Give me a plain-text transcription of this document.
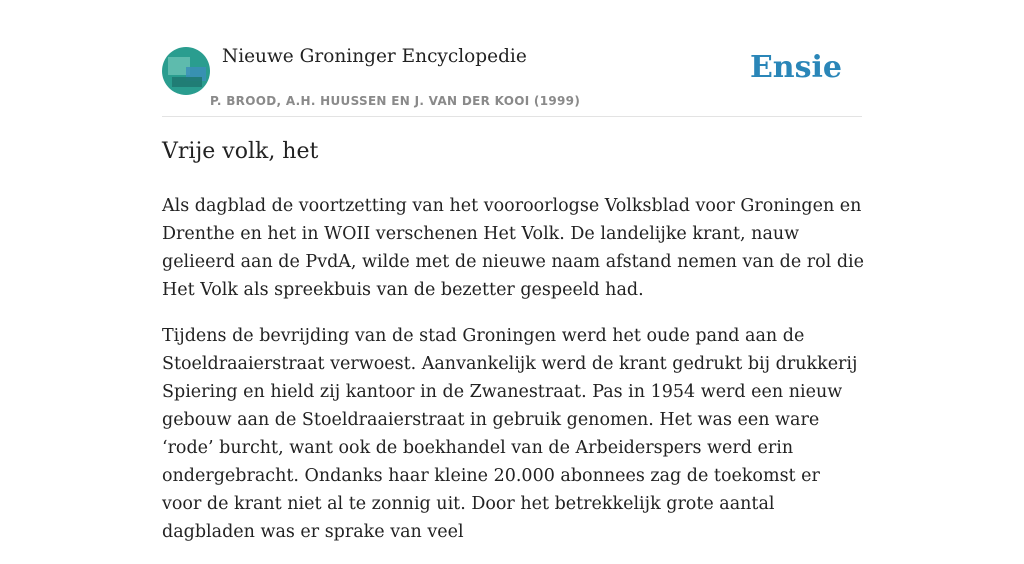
Nieuwe Groninger Encyclopedie
P. BROOD, A.H. HUUSSEN EN J. VAN DER KOOI (1999)
Ensie
Vrije volk, het

Als dagblad de voortzetting van het vooroorlogse Volksblad voor Groningen en Drenthe en het in WOII verschenen Het Volk. De landelijke krant, nauw gelieerd aan de PvdA, wilde met de nieuwe naam afstand nemen van de rol die Het Volk als spreekbuis van de bezetter gespeeld had.

Tijdens de bevrijding van de stad Groningen werd het oude pand aan de Stoeldraaierstraat verwoest. Aanvankelijk werd de krant gedrukt bij drukkerij Spiering en hield zij kantoor in de Zwanestraat. Pas in 1954 werd een nieuw gebouw aan de Stoeldraaierstraat in gebruik genomen. Het was een ware ‘rode’ burcht, want ook de boekhandel van de Arbeiderspers werd erin ondergebracht. Ondanks haar kleine 20.000 abonnees zag de toekomst er voor de krant niet al te zonnig uit. Door het betrekkelijk grote aantal dagbladen was er sprake van veel
